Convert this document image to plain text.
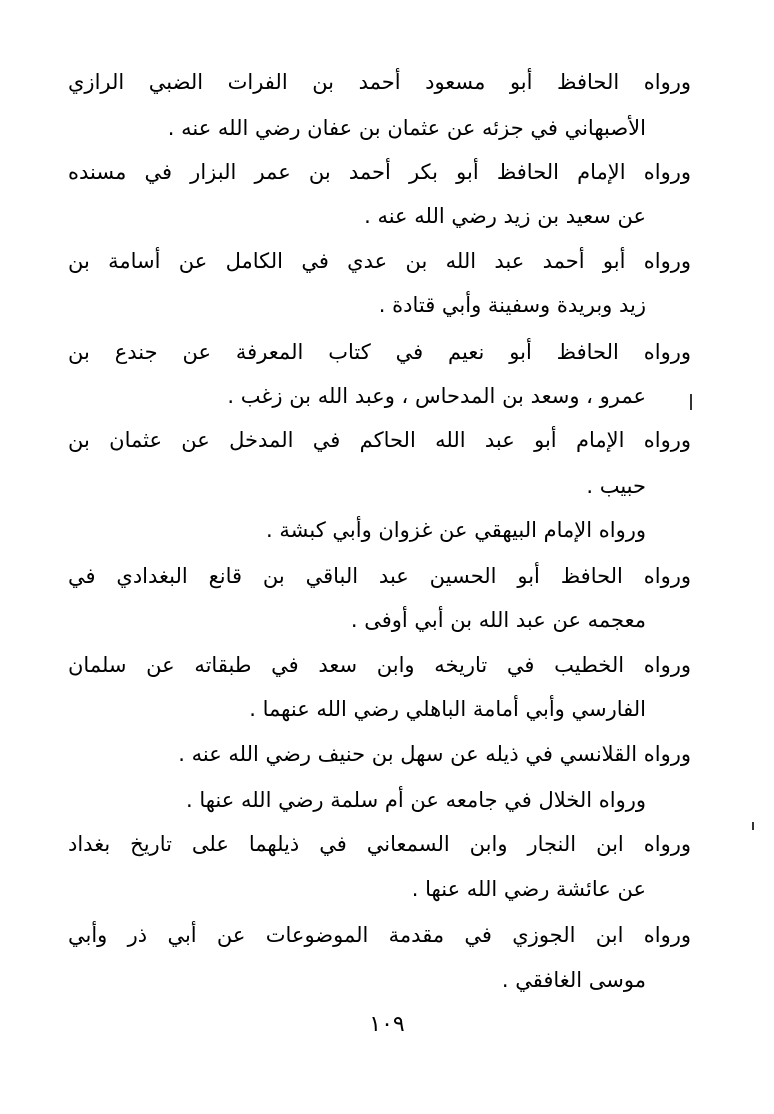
ورواه الحافظ أبو مسعود أحمد بن الفرات الضبي الرازي
الأصبهاني في جزئه عن عثمان بن عفان رضي الله عنه .
ورواه الإمام الحافظ أبو بكر أحمد بن عمر البزار في مسنده
عن سعيد بن زيد رضي الله عنه .
ورواه أبو أحمد عبد الله بن عدي في الكامل عن أسامة بن
زيد وبريدة وسفينة وأبي قتادة .
ورواه الحافظ أبو نعيم في كتاب المعرفة عن جندع بن
عمرو ، وسعد بن المدحاس ، وعبد الله بن زغب .
ورواه الإمام أبو عبد الله الحاكم في المدخل عن عثمان بن
حبيب .
ورواه الإمام البيهقي عن غزوان وأبي كبشة .
ورواه الحافظ أبو الحسين عبد الباقي بن قانع البغدادي في
معجمه عن عبد الله بن أبي أوفى .
ورواه الخطيب في تاريخه وابن سعد في طبقاته عن سلمان
الفارسي وأبي أمامة الباهلي رضي الله عنهما .
ورواه القلانسي في ذيله عن سهل بن حنيف رضي الله عنه .
ورواه الخلال في جامعه عن أم سلمة رضي الله عنها .
ورواه ابن النجار وابن السمعاني في ذيلهما على تاريخ بغداد
عن عائشة رضي الله عنها .
ورواه ابن الجوزي في مقدمة الموضوعات عن أبي ذر وأبي
موسى الغافقي .
١٠٩
